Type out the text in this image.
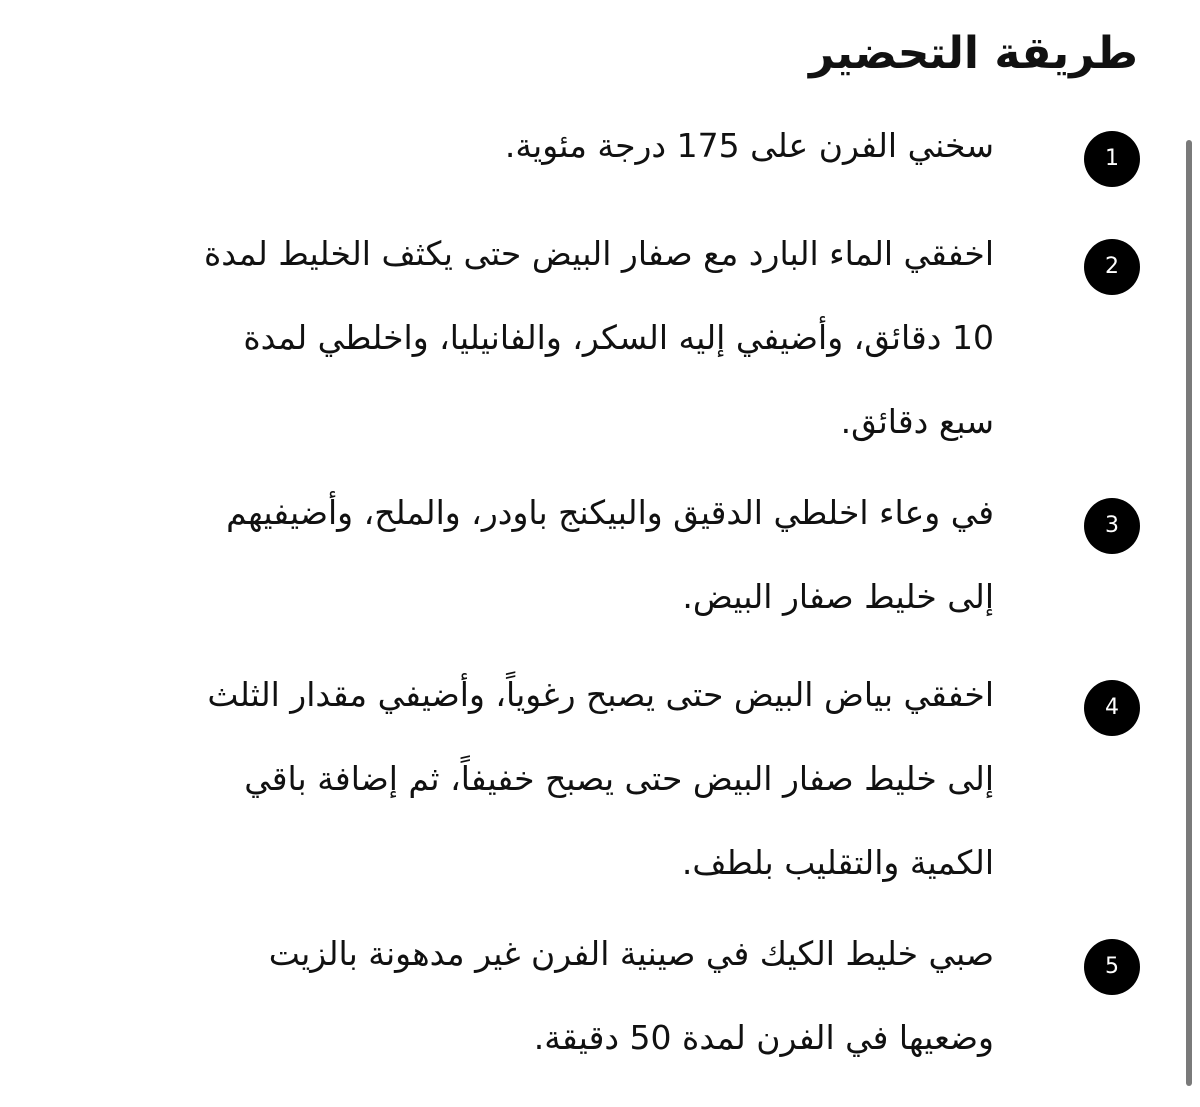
طريقة التحضير
1

سخني الفرن على 175 درجة مئوية.

2

اخفقي الماء البارد مع صفار البيض حتى يكثف الخليط لمدة
10 دقائق، وأضيفي إليه السكر، والفانيليا، واخلطي لمدة
سبع دقائق.

3

في وعاء اخلطي الدقيق والبيكنج باودر، والملح، وأضيفيهم
إلى خليط صفار البيض.

4

اخفقي بياض البيض حتى يصبح رغوياً، وأضيفي مقدار الثلث
إلى خليط صفار البيض حتى يصبح خفيفاً، ثم إضافة باقي
الكمية والتقليب بلطف.

5

صبي خليط الكيك في صينية الفرن غير مدهونة بالزيت
وضعيها في الفرن لمدة 50 دقيقة.
